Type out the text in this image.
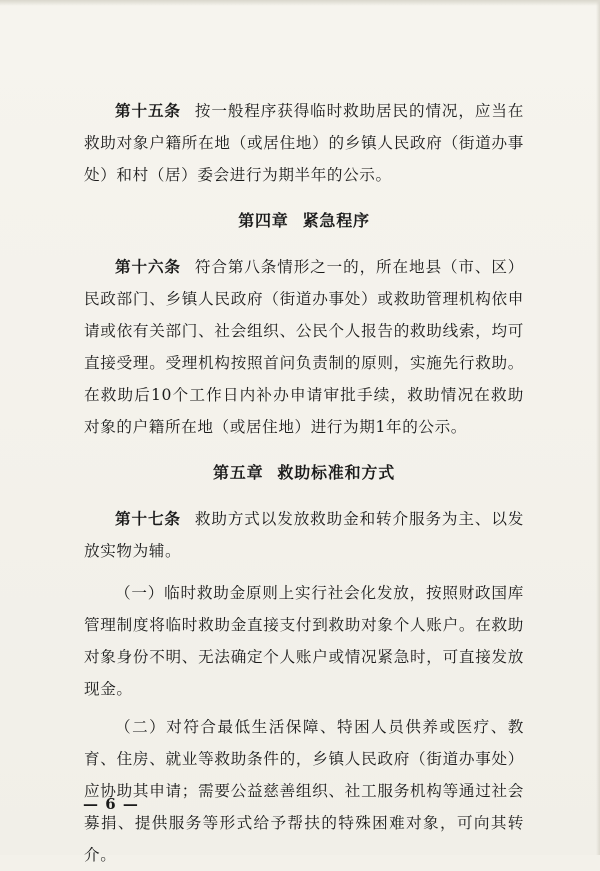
第十五条 按一般程序获得临时救助居民的情况，应当在救助对象户籍所在地（或居住地）的乡镇人民政府（街道办事处）和村（居）委会进行为期半年的公示。

第四章 紧急程序

第十六条 符合第八条情形之一的，所在地县（市、区）民政部门、乡镇人民政府（街道办事处）或救助管理机构依申请或依有关部门、社会组织、公民个人报告的救助线索，均可直接受理。受理机构按照首问负责制的原则，实施先行救助。在救助后10个工作日内补办申请审批手续，救助情况在救助对象的户籍所在地（或居住地）进行为期1年的公示。

第五章 救助标准和方式

第十七条 救助方式以发放救助金和转介服务为主、以发放实物为辅。

（一）临时救助金原则上实行社会化发放，按照财政国库管理制度将临时救助金直接支付到救助对象个人账户。在救助对象身份不明、无法确定个人账户或情况紧急时，可直接发放现金。

（二）对符合最低生活保障、特困人员供养或医疗、教育、住房、就业等救助条件的，乡镇人民政府（街道办事处）应协助其申请；需要公益慈善组织、社工服务机构等通过社会募捐、提供服务等形式给予帮扶的特殊困难对象，可向其转介。

— 6 —
